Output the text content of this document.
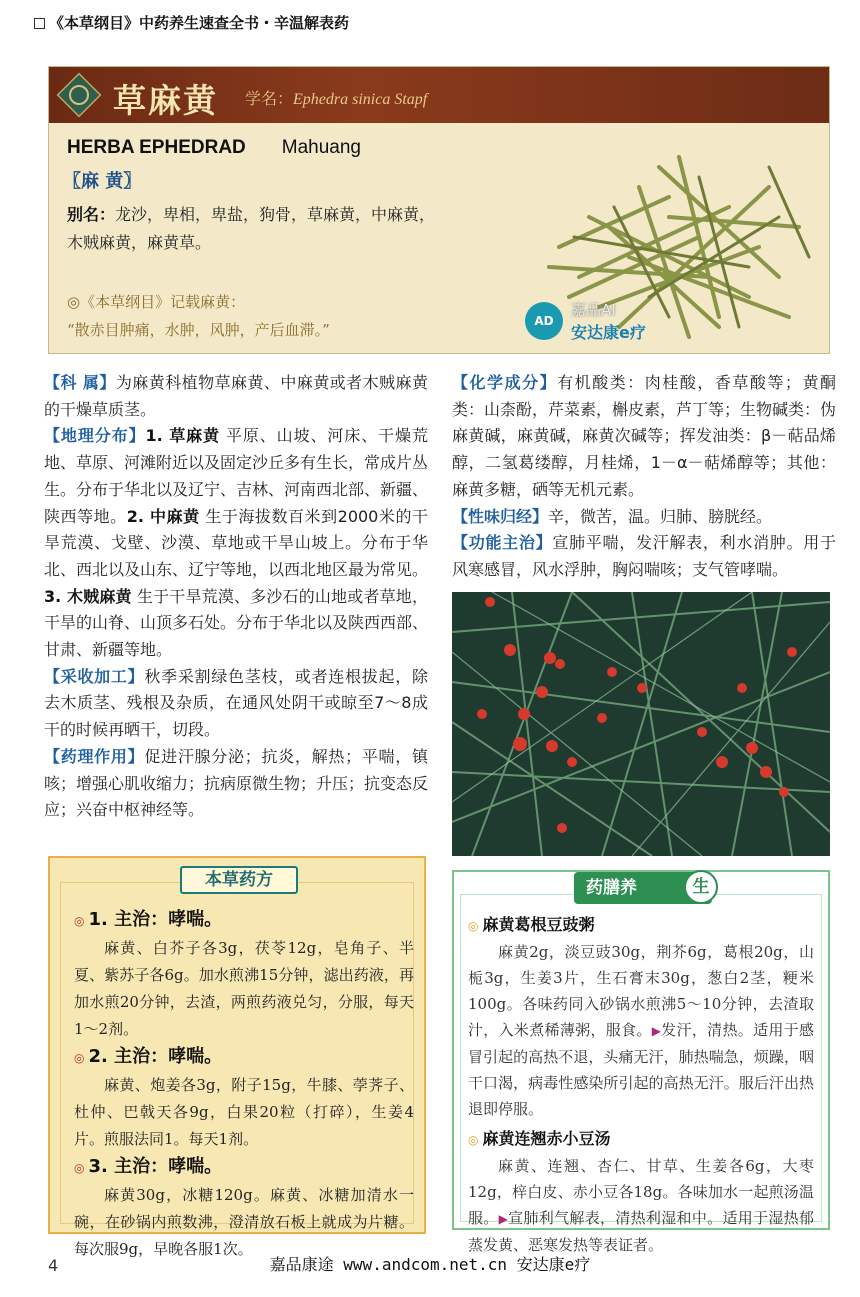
《本草纲目》中药养生速查全书・辛温解表药
草麻黄 学名：Ephedra sinica Stapf
HERBA EPHEDRAD Mahuang
〖麻 黄〗
别名：龙沙，卑相，卑盐，狗骨，草麻黄，中麻黄，木贼麻黄，麻黄草。
◎《本草纲目》记载麻黄：
“散赤目肿痛，水肿，风肿，产后血滞。”	AD
嘉品AI
安达康e疗

【 科 属 】 为麻黄科植物草麻黄、中麻黄或者木贼麻黄的干燥草质茎。

【 地理分布 】 1. 草麻黄 平原、山坡、河床、干燥荒地、草原、河滩附近以及固定沙丘多有生长，常成片丛生。分布于华北以及辽宁、吉林、河南西北部、新疆、陕西等地。2. 中麻黄 生于海拔数百米到2000米的干旱荒漠、戈壁、沙漠、草地或干旱山坡上。分布于华北、西北以及山东、辽宁等地，以西北地区最为常见。3. 木贼麻黄 生于干旱荒漠、多沙石的山地或者草地，干旱的山脊、山顶多石处。分布于华北以及陕西西部、甘肃、新疆等地。

【 采收加工 】 秋季采割绿色茎枝，或者连根拔起，除去木质茎、残根及杂质，在通风处阴干或晾至7～8成干的时候再晒干，切段。

【 药理作用 】 促进汗腺分泌；抗炎，解热；平喘，镇咳；增强心肌收缩力；抗病原微生物；升压；抗变态反应；兴奋中枢神经等。

【 化学成分 】 有机酸类：肉桂酸，香草酸等；黄酮类：山柰酚，芹菜素，槲皮素，芦丁等；生物碱类：伪麻黄碱，麻黄碱，麻黄次碱等；挥发油类：β－萜品烯醇，二氢葛缕醇，月桂烯，1－α－萜烯醇等；其他：麻黄多糖，硒等无机元素。

【 性味归经 】 辛，微苦，温。归肺、膀胱经。

【 功能主治 】 宣肺平喘，发汗解表，利水消肿。用于风寒感冒，风水浮肿，胸闷喘咳；支气管哮喘。

本草药方
◎ 1. 主治：哮喘。
麻黄、白芥子各3g，茯苓12g，皂角子、半夏、紫苏子各6g。加水煎沸15分钟，滤出药液，再加水煎20分钟，去渣，两煎药液兑匀，分服，每天1～2剂。
◎ 2. 主治：哮喘。
麻黄、炮姜各3g，附子15g，牛膝、荸荠子、杜仲、巴戟天各9g，白果20粒（打碎），生姜4片。煎服法同1。每天1剂。
◎ 3. 主治：哮喘。
麻黄30g，冰糖120g。麻黄、冰糖加清水一碗，在砂锅内煎数沸，澄清放石板上就成为片糖。每次服9g，早晚各服1次。
药膳养	生
◎ 麻黄葛根豆豉粥
麻黄2g，淡豆豉30g，荆芥6g，葛根20g，山栀3g，生姜3片，生石膏末30g，葱白2茎，粳米100g。各味药同入砂锅水煎沸5～10分钟，去渣取汁，入米煮稀薄粥，服食。▶发汗，清热。适用于感冒引起的高热不退，头痛无汗，肺热喘急，烦躁，咽干口渴，病毒性感染所引起的高热无汗。服后汗出热退即停服。
◎ 麻黄连翘赤小豆汤
麻黄、连翘、杏仁、甘草、生姜各6g，大枣12g，梓白皮、赤小豆各18g。各味加水一起煎汤温服。▶宣肺利气解表，清热利湿和中。适用于湿热郁蒸发黄、恶寒发热等表证者。
4	嘉品康途 www.andcom.net.cn 安达康e疗
